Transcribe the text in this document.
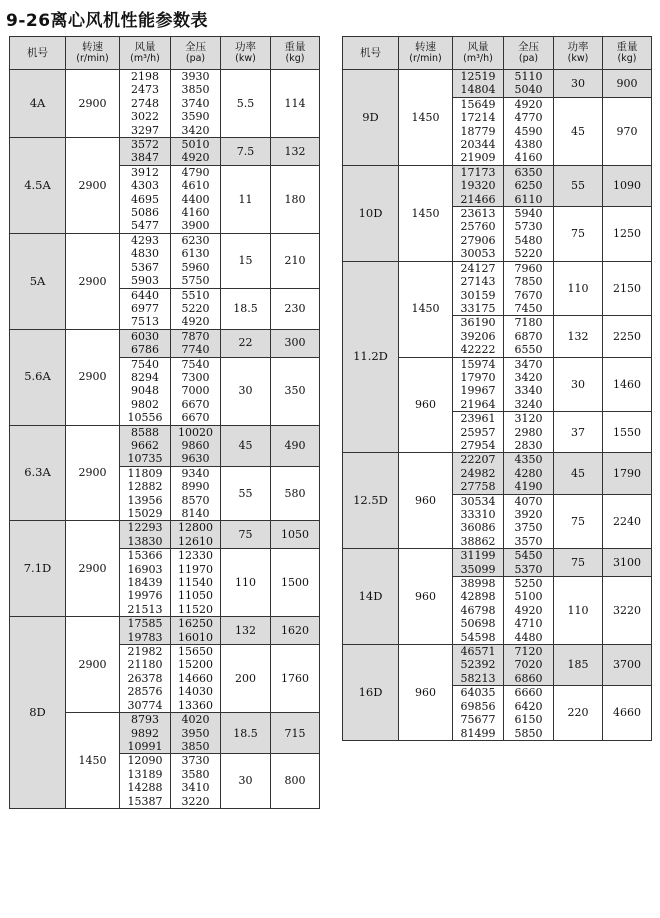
9-26离心风机性能参数表
机号	转速
(r/min)	风量
(m³/h)	全压
(pa)	功率
(kw)	重量
(kg)

4A	2900	2198
2473
2748
3022
3297	3930
3850
3740
3590
3420	5.5	114
4.5A	2900	3572
3847	5010
4920	7.5	132

		3912
4303
4695
5086
5477	4790
4610
4400
4160
3900	11	180
5A	2900	4293
4830
5367
5903	6230
6130
5960
5750	15	210

		6440
6977
7513	5510
5220
4920	18.5	230
5.6A	2900	6030
6786	7870
7740	22	300

		7540
8294
9048
9802
10556	7540
7300
7000
6670
6670	30	350
6.3A	2900	8588
9662
10735	10020
9860
9630	45	490

		11809
12882
13956
15029	9340
8990
8570
8140	55	580
7.1D	2900	12293
13830	12800
12610	75	1050

		15366
16903
18439
19976
21513	12330
11970
11540
11050
11520	110	1500
8D	2900	17585
19783	16250
16010	132	1620

		21982
21180
26378
28576
30774	15650
15200
14660
14030
13360	200	1760
	1450	8793
9892
10991	4020
3950
3850	18.5	715

		12090
13189
14288
15387	3730
3580
3410
3220	30	800
机号	转速
(r/min)	风量
(m³/h)	全压
(pa)	功率
(kw)	重量
(kg)

9D	1450	12519
14804	5110
5040	30	900

		15649
17214
18779
20344
21909	4920
4770
4590
4380
4160	45	970
10D	1450	17173
19320
21466	6350
6250
6110	55	1090

		23613
25760
27906
30053	5940
5730
5480
5220	75	1250
11.2D	1450	24127
27143
30159
33175	7960
7850
7670
7450	110	2150

		36190
39206
42222	7180
6870
6550	132	2250
	960	15974
17970
19967
21964	3470
3420
3340
3240	30	1460

		23961
25957
27954	3120
2980
2830	37	1550
12.5D	960	22207
24982
27758	4350
4280
4190	45	1790

		30534
33310
36086
38862	4070
3920
3750
3570	75	2240
14D	960	31199
35099	5450
5370	75	3100

		38998
42898
46798
50698
54598	5250
5100
4920
4710
4480	110	3220
16D	960	46571
52392
58213	7120
7020
6860	185	3700

		64035
69856
75677
81499	6660
6420
6150
5850	220	4660
